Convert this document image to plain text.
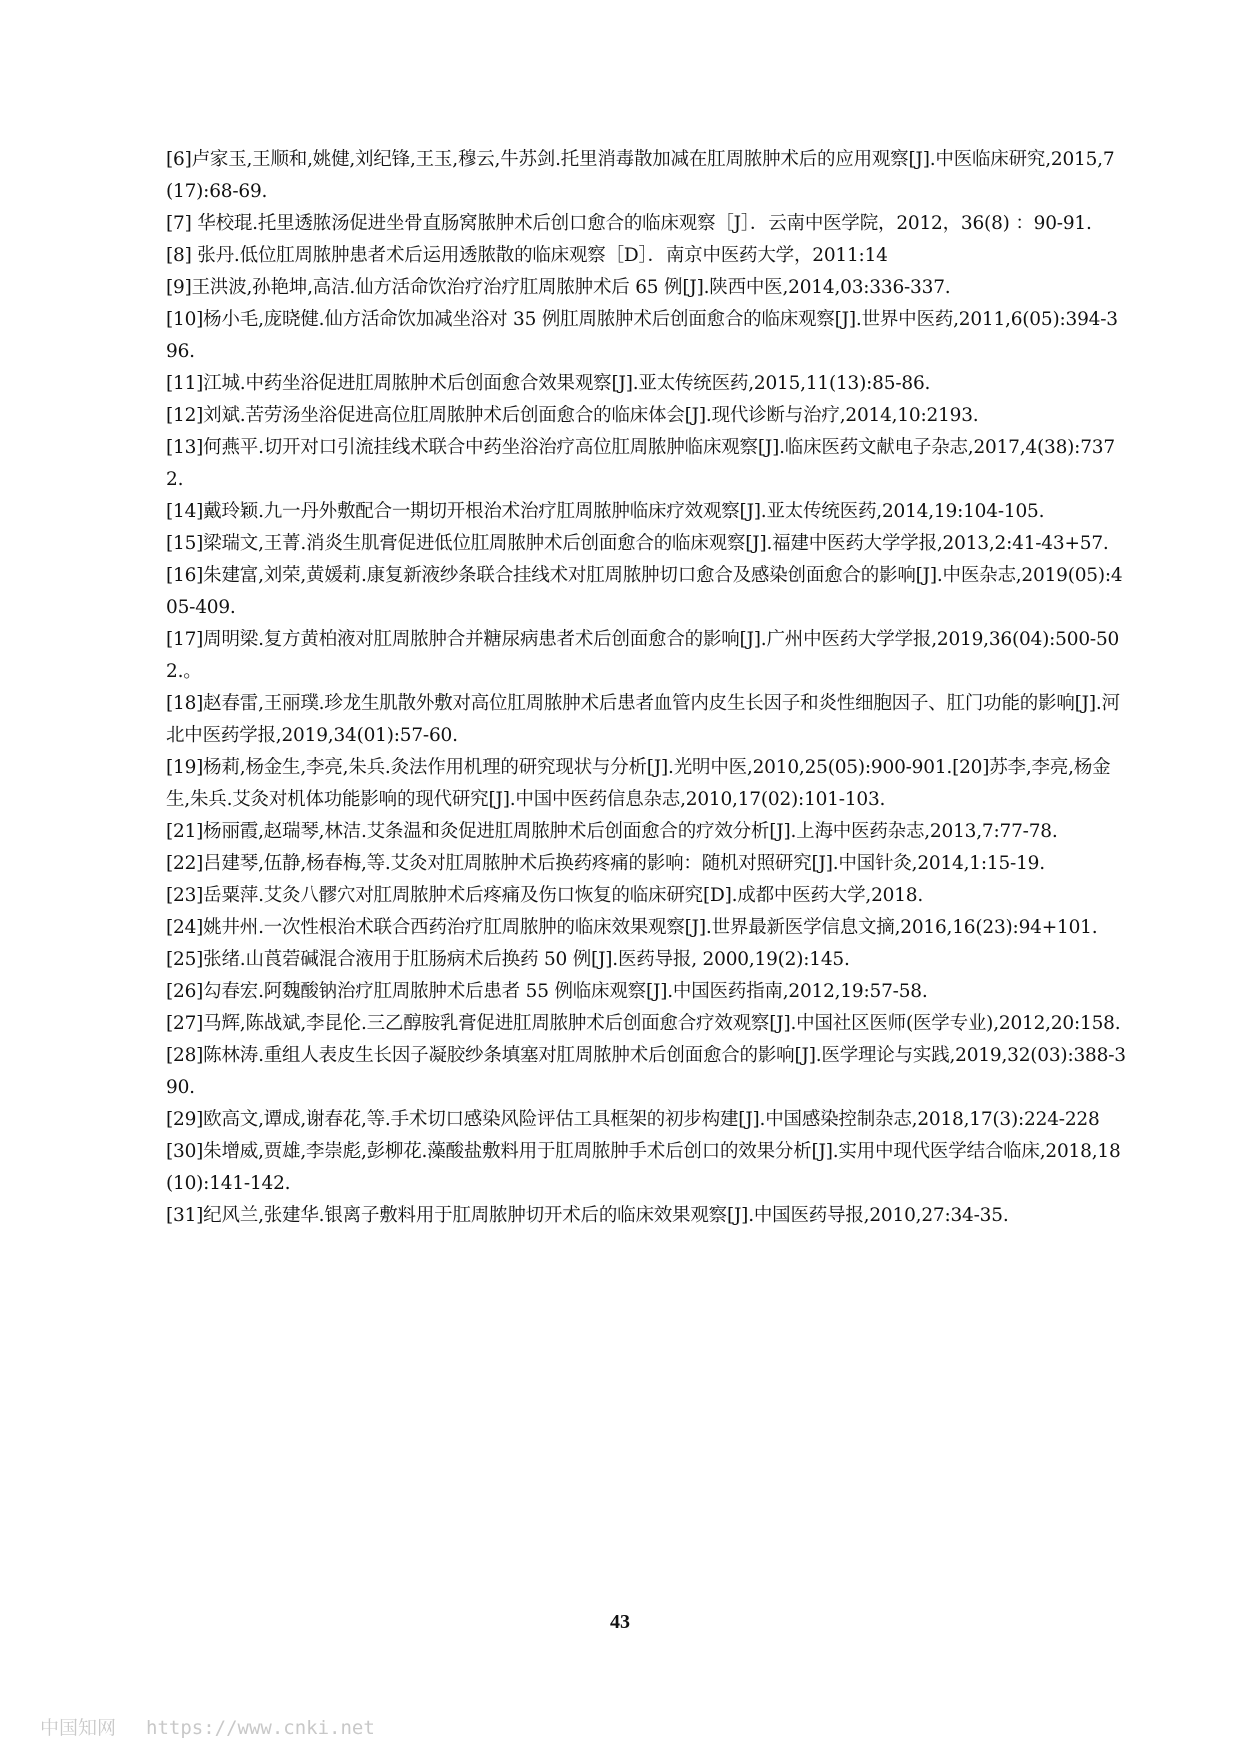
[6]卢家玉,王顺和,姚健,刘纪锋,王玉,穆云,牛苏剑.托里消毒散加减在肛周脓肿术后的应用观察[J].中医临床研究,2015,7(17):68-69.
[7] 华校琨.托里透脓汤促进坐骨直肠窝脓肿术后创口愈合的临床观察［J］．云南中医学院，2012，36(8) ：90-91.
[8] 张丹.低位肛周脓肿患者术后运用透脓散的临床观察［D］．南京中医药大学，2011:14
[9]王洪波,孙艳坤,高洁.仙方活命饮治疗治疗肛周脓肿术后 65 例[J].陕西中医,2014,03:336-337.
[10]杨小毛,庞晓健.仙方活命饮加减坐浴对 35 例肛周脓肿术后创面愈合的临床观察[J].世界中医药,2011,6(05):394-396.
[11]江城.中药坐浴促进肛周脓肿术后创面愈合效果观察[J].亚太传统医药,2015,11(13):85-86.
[12]刘斌.苦劳汤坐浴促进高位肛周脓肿术后创面愈合的临床体会[J].现代诊断与治疗,2014,10:2193.
[13]何燕平.切开对口引流挂线术联合中药坐浴治疗高位肛周脓肿临床观察[J].临床医药文献电子杂志,2017,4(38):7372.
[14]戴玲颖.九一丹外敷配合一期切开根治术治疗肛周脓肿临床疗效观察[J].亚太传统医药,2014,19:104-105.
[15]梁瑞文,王菁.消炎生肌膏促进低位肛周脓肿术后创面愈合的临床观察[J].福建中医药大学学报,2013,2:41-43+57.
[16]朱建富,刘荣,黄媛莉.康复新液纱条联合挂线术对肛周脓肿切口愈合及感染创面愈合的影响[J].中医杂志,2019(05):405-409.
[17]周明梁.复方黄柏液对肛周脓肿合并糖尿病患者术后创面愈合的影响[J].广州中医药大学学报,2019,36(04):500-502.。
[18]赵春雷,王丽璞.珍龙生肌散外敷对高位肛周脓肿术后患者血管内皮生长因子和炎性细胞因子、肛门功能的影响[J].河北中医药学报,2019,34(01):57-60.
[19]杨莉,杨金生,李亮,朱兵.灸法作用机理的研究现状与分析[J].光明中医,2010,25(05):900-901.[20]苏李,李亮,杨金生,朱兵.艾灸对机体功能影响的现代研究[J].中国中医药信息杂志,2010,17(02):101-103.
[21]杨丽霞,赵瑞琴,林洁.艾条温和灸促进肛周脓肿术后创面愈合的疗效分析[J].上海中医药杂志,2013,7:77-78.
[22]吕建琴,伍静,杨春梅,等.艾灸对肛周脓肿术后换药疼痛的影响：随机对照研究[J].中国针灸,2014,1:15-19.
[23]岳粟萍.艾灸八髎穴对肛周脓肿术后疼痛及伤口恢复的临床研究[D].成都中医药大学,2018.
[24]姚井州.一次性根治术联合西药治疗肛周脓肿的临床效果观察[J].世界最新医学信息文摘,2016,16(23):94+101.
[25]张绪.山莨菪碱混合液用于肛肠病术后换药 50 例[J].医药导报, 2000,19(2):145.
[26]勾春宏.阿魏酸钠治疗肛周脓肿术后患者 55 例临床观察[J].中国医药指南,2012,19:57-58.
[27]马辉,陈战斌,李昆伦.三乙醇胺乳膏促进肛周脓肿术后创面愈合疗效观察[J].中国社区医师(医学专业),2012,20:158.
[28]陈林涛.重组人表皮生长因子凝胶纱条填塞对肛周脓肿术后创面愈合的影响[J].医学理论与实践,2019,32(03):388-390.
[29]欧高文,谭成,谢春花,等.手术切口感染风险评估工具框架的初步构建[J].中国感染控制杂志,2018,17(3):224-228
[30]朱增威,贾雄,李崇彪,彭柳花.藻酸盐敷料用于肛周脓肿手术后创口的效果分析[J].实用中现代医学结合临床,2018,18(10):141-142.
[31]纪风兰,张建华.银离子敷料用于肛周脓肿切开术后的临床效果观察[J].中国医药导报,2010,27:34-35.
43
中国知网 https://www.cnki.net
